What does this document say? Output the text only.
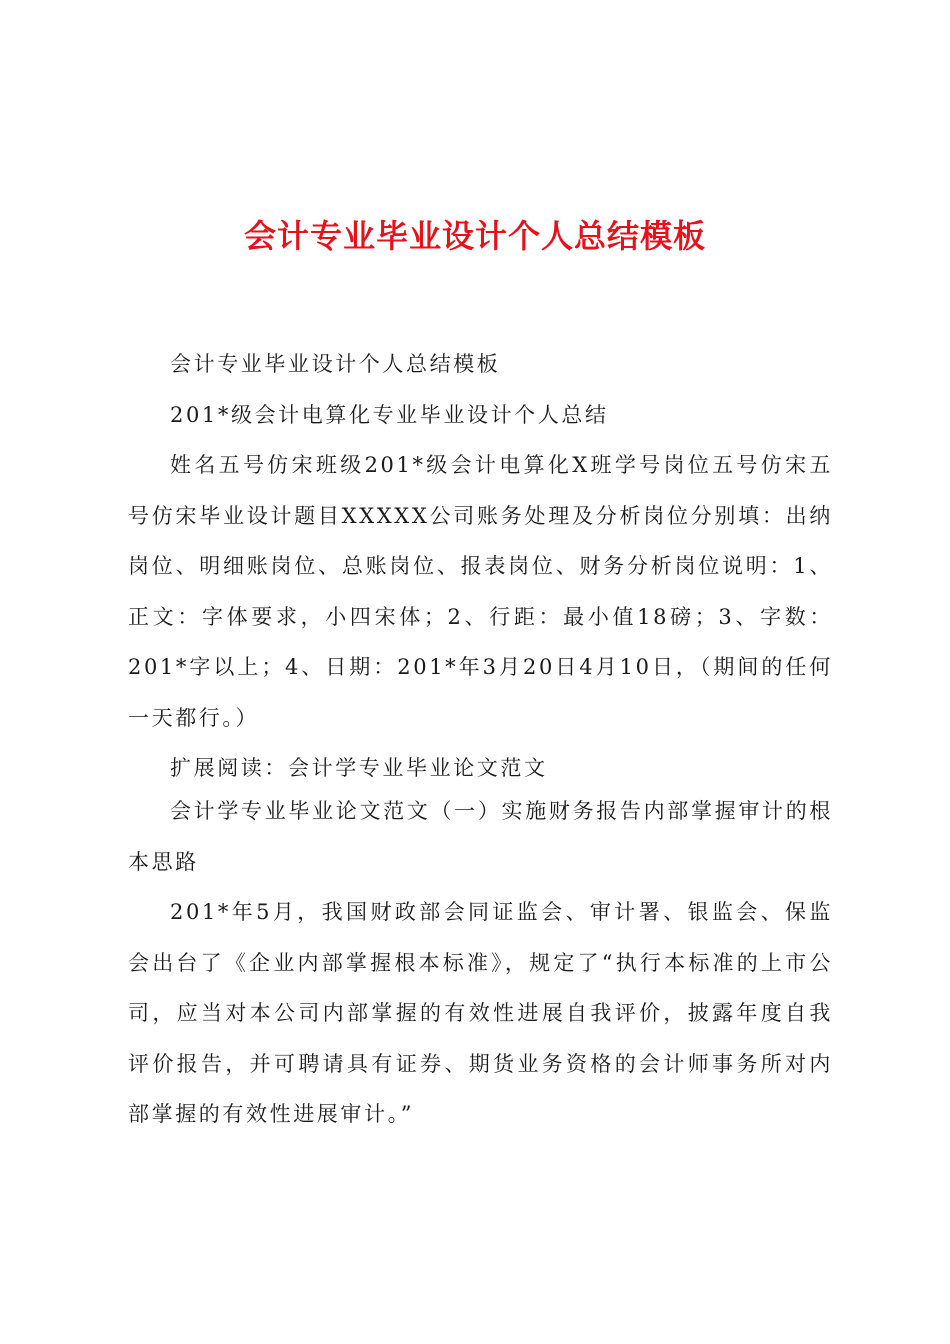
会计专业毕业设计个人总结模板

会计专业毕业设计个人总结模板

201*级会计电算化专业毕业设计个人总结

姓名五号仿宋班级201*级会计电算化X班学号岗位五号仿宋五号仿宋毕业设计题目XXXXX公司账务处理及分析岗位分别填：出纳岗位、明细账岗位、总账岗位、报表岗位、财务分析岗位说明：1、正文：字体要求，小四宋体；2、行距：最小值18磅；3、字数：201*字以上；4、日期：201*年3月20日4月10日，（期间的任何一天都行。）

扩展阅读：会计学专业毕业论文范文

会计学专业毕业论文范文（一）实施财务报告内部掌握审计的根本思路

201*年5月，我国财政部会同证监会、审计署、银监会、保监会出台了《企业内部掌握根本标准》，规定了“执行本标准的上市公司，应当对本公司内部掌握的有效性进展自我评价，披露年度自我评价报告，并可聘请具有证券、期货业务资格的会计师事务所对内部掌握的有效性进展审计。”
